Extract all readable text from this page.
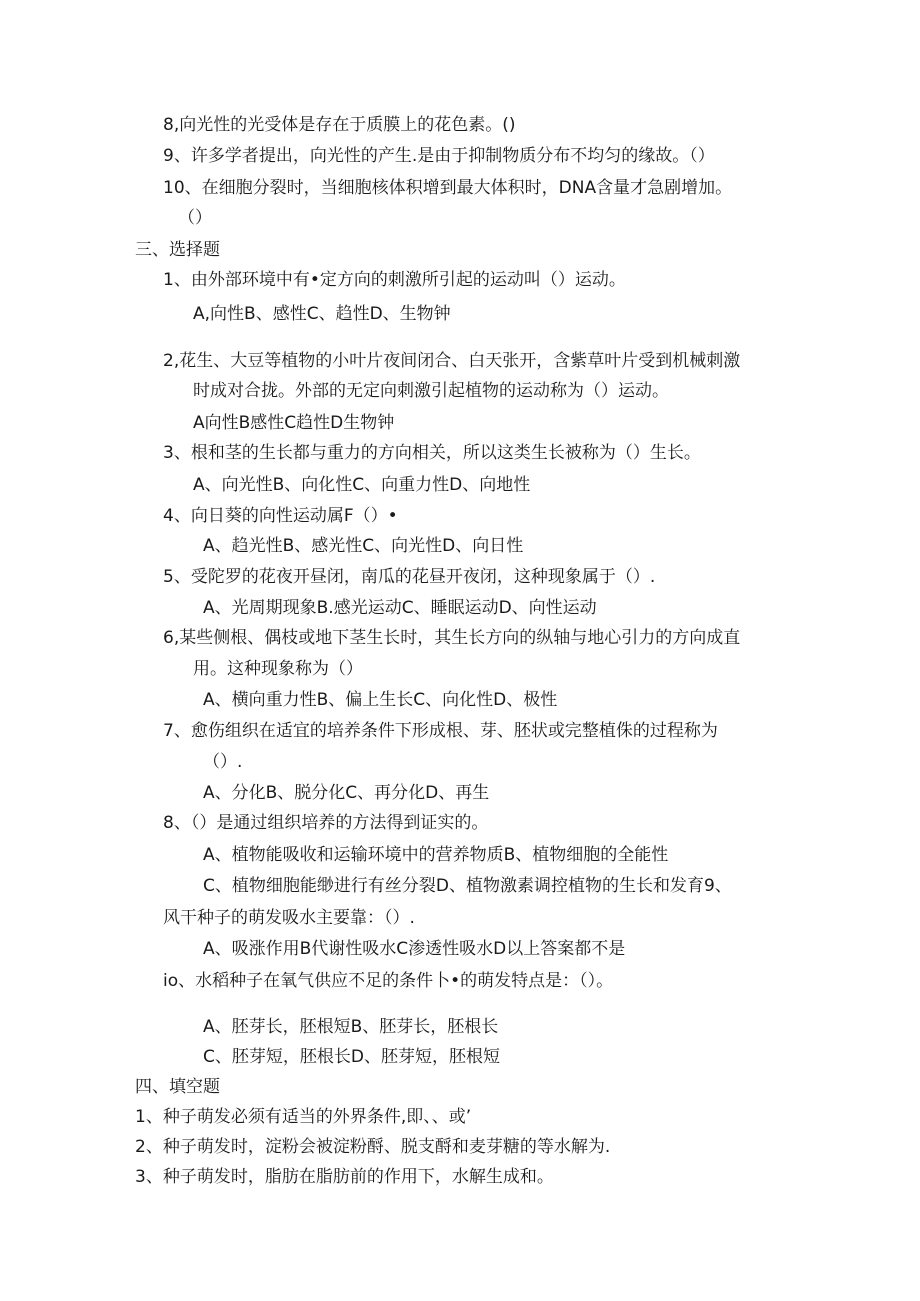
8,向光性的光受体是存在于质膜上的花色素。()
9、许多学者提出，向光性的产生.是由于抑制物质分布不均匀的缘故。（）
10、在细胞分裂时，当细胞核体积增到最大体积时，DNA含量才急剧增加。
（）
三、选择题
1、由外部环境中有•定方向的刺激所引起的运动叫（）运动。
A,向性B、感性C、趋性D、生物钟
2,花生、大豆等植物的小叶片夜间闭合、白天张开，含紫草叶片受到机械刺激
时成对合拢。外部的无定向刺激引起植物的运动称为（）运动。
A向性B感性C趋性D生物钟
3、根和茎的生长都与重力的方向相关，所以这类生长被称为（）生长。
A、向光性B、向化性C、向重力性D、向地性
4、向日葵的向性运动属F（）•
A、趋光性B、感光性C、向光性D、向日性
5、受陀罗的花夜开昼闭，南瓜的花昼开夜闭，这种现象属于（）.
A、光周期现象B.感光运动C、睡眠运动D、向性运动
6,某些侧根、偶枝或地下茎生长时，其生长方向的纵轴与地心引力的方向成直
用。这种现象称为（）
A、横向重力性B、偏上生长C、向化性D、极性
7、愈伤组织在适宜的培养条件下形成根、芽、胚状或完整植侏的过程称为
（）.
A、分化B、脱分化C、再分化D、再生
8、（）是通过组织培养的方法得到证实的。
A、植物能吸收和运输环境中的营养物质B、植物细胞的全能性
C、植物细胞能缈进行有丝分裂D、植物激素调控植物的生长和发育9、
风干种子的萌发吸水主要靠：（）.
A、吸涨作用B代谢性吸水C渗透性吸水D以上答案都不是
io、水稻种子在氧气供应不足的条件卜•的萌发特点是：（）。
A、胚芽长，胚根短B、胚芽长，胚根长
C、胚芽短，胚根长D、胚芽短，胚根短
四、填空题
1、种子萌发必须有适当的外界条件,即、、或’
2、种子萌发时，淀粉会被淀粉酹、脱支酹和麦芽糖的等水解为.
3、种子萌发时，脂肪在脂肪前的作用下，水解生成和。
